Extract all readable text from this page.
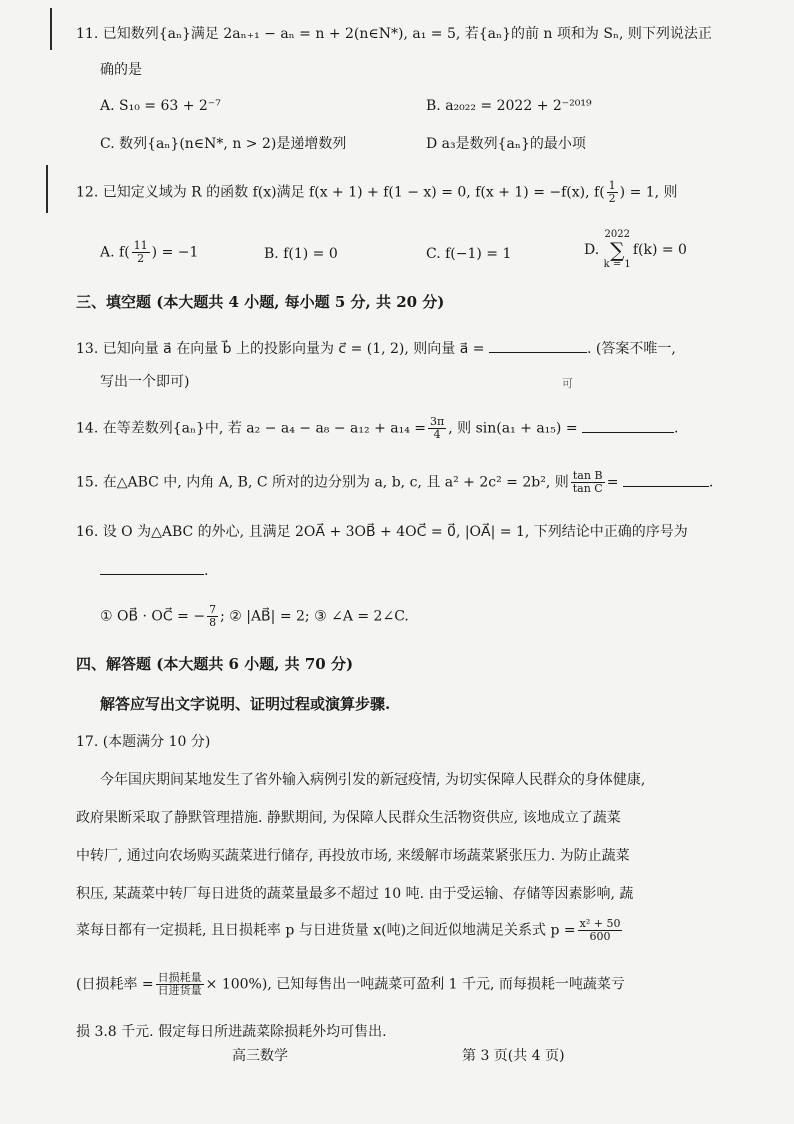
11. 已知数列{aₙ}满足 2aₙ₊₁ − aₙ = n + 2(n∈N*), a₁ = 5, 若{aₙ}的前 n 项和为 Sₙ, 则下列说法正
确的是
A. S₁₀ = 63 + 2⁻⁷	B. a₂₀₂₂ = 2022 + 2⁻²⁰¹⁹
C. 数列{aₙ}(n∈N*, n > 2)是递增数列	D a₃是数列{aₙ}的最小项
12. 已知定义域为 R 的函数 f(x)满足 f(x + 1) + f(1 − x) = 0, f(x + 1) = −f(x), $f( \frac{1}{2}$ ) = 1, 则
A. $f( \frac{11}{2}$ ) = −1	B. f(1) = 0	C. f(−1) = 1	D. 2022
∑
k = 1f(k) = 0
三、填空题 (本大题共 4 小题, 每小题 5 分, 共 20 分)
13. 已知向量 a⃗ 在向量 b⃗ 上的投影向量为 c⃗ = (1, 2), 则向量 a⃗ =	. (答案不唯一,
写出一个即可)	可
14. 在等差数列{aₙ}中, 若 $a_2 - a_4 - a_8 - a_{12} + a_{14} = \frac{3\pi}{4}$ , 则 sin(a₁ + a₁₅) =	.
15. 在△ABC 中, 内角 A, B, C 所对的边分别为 a, b, c, 且 a² + 2c² = 2b², 则 $\frac{\text{tan B}}{\text{tan C}}$ =	.
16. 设 O 为△ABC 的外心, 且满足 2OA⃗ + 3OB⃗ + 4OC⃗ = 0⃗, |OA⃗| = 1, 下列结论中正确的序号为
.
① OB⃗ · OC⃗ = − $\frac{7}{8}$ ; ② |AB⃗| = 2; ③ ∠A = 2∠C.
四、解答题 (本大题共 6 小题, 共 70 分)
解答应写出文字说明、证明过程或演算步骤.
17. (本题满分 10 分)
今年国庆期间某地发生了省外输入病例引发的新冠疫情, 为切实保障人民群众的身体健康,
政府果断采取了静默管理措施. 静默期间, 为保障人民群众生活物资供应, 该地成立了蔬菜
中转厂, 通过向农场购买蔬菜进行储存, 再投放市场, 来缓解市场蔬菜紧张压力. 为防止蔬菜
积压, 某蔬菜中转厂每日进货的蔬菜量最多不超过 10 吨. 由于受运输、存储等因素影响, 蔬
菜每日都有一定损耗, 且日损耗率 p 与日进货量 x(吨)之间近似地满足关系式 $p = \frac{\text{x² + 50}}{600}$
(日损耗率 = $\frac{\text{日损耗量}}{\text{日进货量}} \times 100\%$), 已知每售出一吨蔬菜可盈利 1 千元, 而每损耗一吨蔬菜亏
损 3.8 千元. 假定每日所进蔬菜除损耗外均可售出.
高三数学	第 3 页(共 4 页)
